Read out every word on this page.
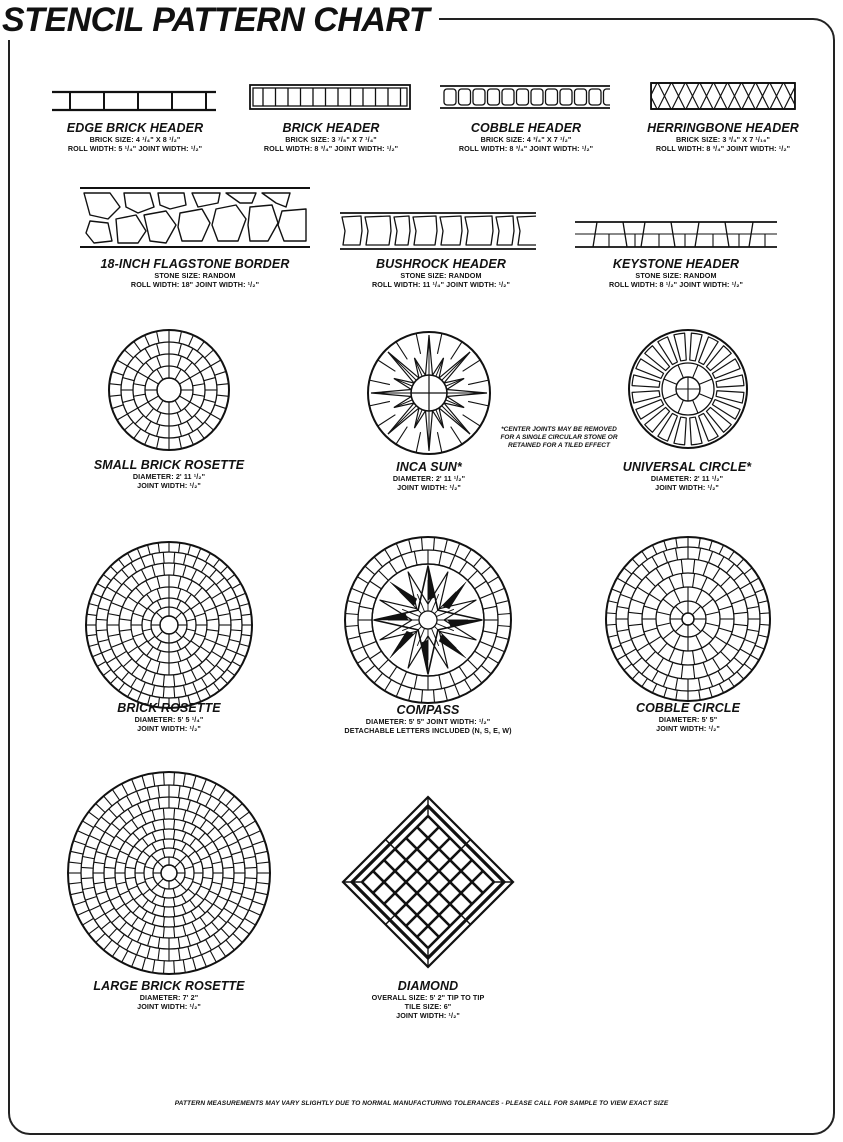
STENCIL PATTERN CHART
EDGE BRICK HEADER
BRICK SIZE: 4 ¹/₄" X 8 ¹/₂"
ROLL WIDTH: 5 ¹/₄" JOINT WIDTH: ¹/₂"
BRICK HEADER
BRICK SIZE: 3 ⁷/₈" X 7 ¹/₄"
ROLL WIDTH: 8 ³/₄" JOINT WIDTH: ¹/₂"
COBBLE HEADER
BRICK SIZE: 4 ³/₄" X 7 ¹/₂"
ROLL WIDTH: 8 ³/₄" JOINT WIDTH: ¹/₂"
HERRINGBONE HEADER
BRICK SIZE: 3 ³/₄" X 7 ¹/₁₆"
ROLL WIDTH: 8 ³/₄" JOINT WIDTH: ¹/₂"
18-INCH FLAGSTONE BORDER
STONE SIZE: RANDOM
ROLL WIDTH: 18" JOINT WIDTH: ¹/₂"
BUSHROCK HEADER
STONE SIZE: RANDOM
ROLL WIDTH: 11 ¹/₄" JOINT WIDTH: ¹/₂"
KEYSTONE HEADER
STONE SIZE: RANDOM
ROLL WIDTH: 8 ¹/₂" JOINT WIDTH: ¹/₂"
SMALL BRICK ROSETTE
DIAMETER: 2' 11 ¹/₂"
JOINT WIDTH: ¹/₂"
INCA SUN*
DIAMETER: 2' 11 ¹/₂"
JOINT WIDTH: ¹/₂"
*CENTER JOINTS MAY BE REMOVED FOR A SINGLE CIRCULAR STONE OR RETAINED FOR A TILED EFFECT
UNIVERSAL CIRCLE*
DIAMETER: 2' 11 ¹/₂"
JOINT WIDTH: ¹/₂"
BRICK ROSETTE
DIAMETER: 5' 5 ¹/₄"
JOINT WIDTH: ¹/₂"
COMPASS
DIAMETER: 5' 5" JOINT WIDTH: ¹/₂"
DETACHABLE LETTERS INCLUDED (N, S, E, W)
COBBLE CIRCLE
DIAMETER: 5' 5"
JOINT WIDTH: ¹/₂"
LARGE BRICK ROSETTE
DIAMETER: 7' 2"
JOINT WIDTH: ¹/₂"
DIAMOND
OVERALL SIZE: 5' 2" TIP TO TIP
TILE SIZE: 6"
JOINT WIDTH: ¹/₂"
PATTERN MEASUREMENTS MAY VARY SLIGHTLY DUE TO NORMAL MANUFACTURING TOLERANCES - PLEASE CALL FOR SAMPLE TO VIEW EXACT SIZE
